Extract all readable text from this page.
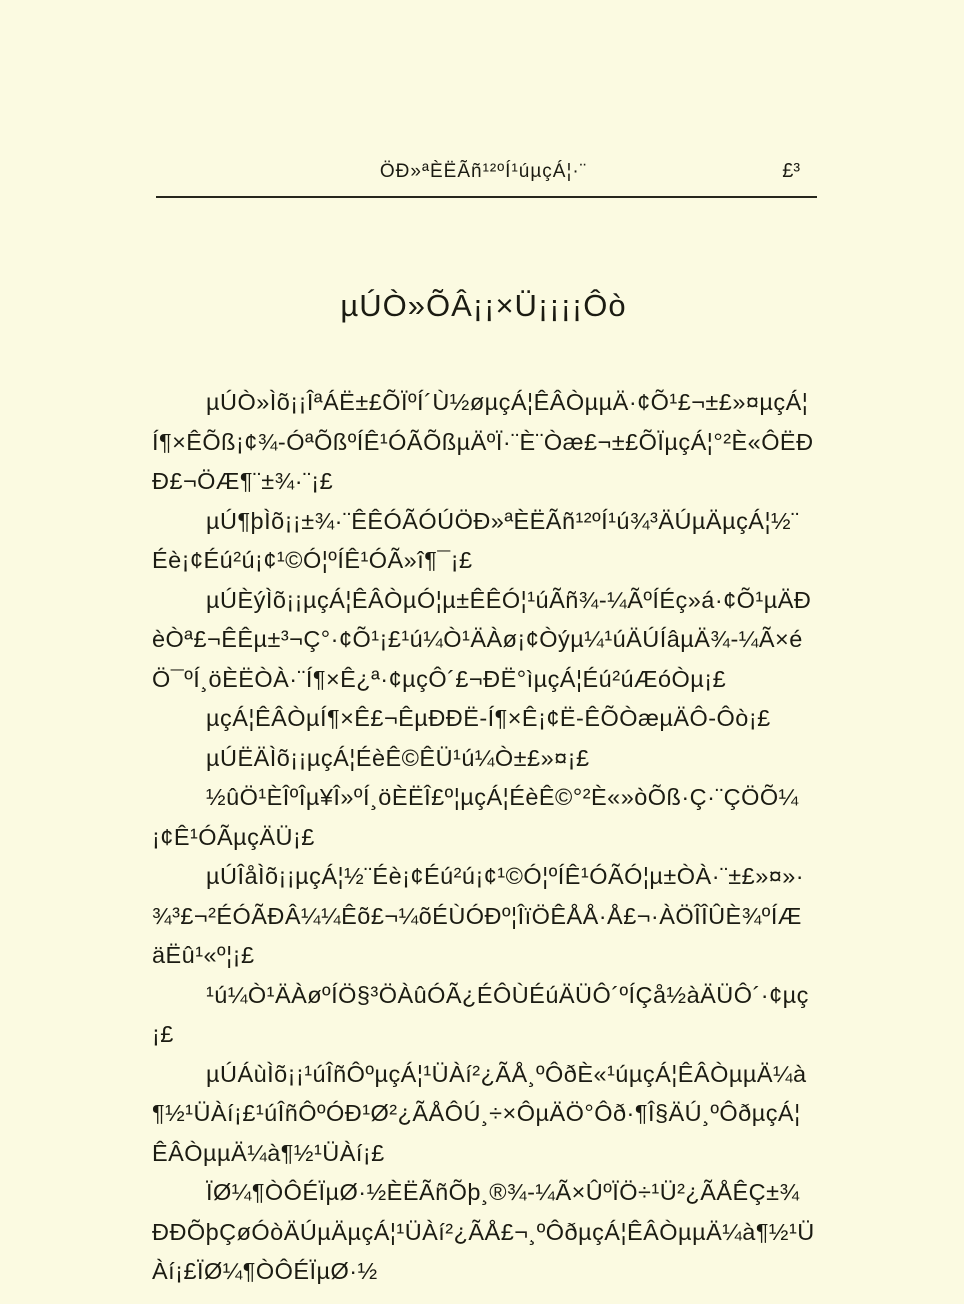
ÖÐ»ªÈËÃñ¹²ºÍ¹úµçÁ¦·¨	£³
µÚÒ»ÕÂ¡¡×Ü¡¡¡¡Ôò

µÚÒ»Ìõ¡¡ÎªÁË±£ÕÏºÍ´Ù½øµçÁ¦ÊÂÒµµÄ·¢Õ¹£¬±£»¤µçÁ¦Í¶×ÊÕß¡¢¾-ÓªÕßºÍÊ¹ÓÃÕßµÄºÏ·¨È¨Òæ£¬±£ÕÏµçÁ¦°²È«ÔËÐÐ£¬ÖÆ¶¨±¾·¨¡£

µÚ¶þÌõ¡¡±¾·¨ÊÊÓÃÓÚÖÐ»ªÈËÃñ¹²ºÍ¹ú¾³ÄÚµÄµçÁ¦½¨Éè¡¢Éú²ú¡¢¹©Ó¦ºÍÊ¹ÓÃ»î¶¯¡£

µÚÈýÌõ¡¡µçÁ¦ÊÂÒµÓ¦µ±ÊÊÓ¦¹úÃñ¾-¼ÃºÍÉç»á·¢Õ¹µÄÐèÒª£¬ÊÊµ±³¬Ç°·¢Õ¹¡£¹ú¼Ò¹ÄÀø¡¢Òýµ¼¹úÄÚÍâµÄ¾-¼Ã×éÖ¯ºÍ¸öÈËÒÀ·¨Í¶×Ê¿ª·¢µçÔ´£¬ÐË°ìµçÁ¦Éú²úÆóÒµ¡£

µçÁ¦ÊÂÒµÍ¶×Ê£¬ÊµÐÐË-Í¶×Ê¡¢Ë-ÊÕÒæµÄÔ-Ôò¡£

µÚËÄÌõ¡¡µçÁ¦ÉèÊ©ÊÜ¹ú¼Ò±£»¤¡£

½ûÖ¹ÈÎºÎµ¥Î»ºÍ¸öÈËÎ£º¦µçÁ¦ÉèÊ©°²È«»òÕß·Ç·¨ÇÖÕ¼¡¢Ê¹ÓÃµçÄÜ¡£

µÚÎåÌõ¡¡µçÁ¦½¨Éè¡¢Éú²ú¡¢¹©Ó¦ºÍÊ¹ÓÃÓ¦µ±ÒÀ·¨±£»¤»·¾³£¬²ÉÓÃÐÂ¼¼Êõ£¬¼õÉÙÓÐº¦ÎïÖÊÅÅ·Å£¬·ÀÖÎÎÛÈ¾ºÍÆäËû¹«º¦¡£

¹ú¼Ò¹ÄÀøºÍÖ§³ÖÀûÓÃ¿ÉÔÙÉúÄÜÔ´ºÍÇå½àÄÜÔ´·¢µç¡£

µÚÁùÌõ¡¡¹úÎñÔºµçÁ¦¹ÜÀí²¿ÃÅ¸ºÔðÈ«¹úµçÁ¦ÊÂÒµµÄ¼à¶½¹ÜÀí¡£¹úÎñÔºÓÐ¹Ø²¿ÃÅÔÚ¸÷×ÔµÄÖ°Ôð·¶Î§ÄÚ¸ºÔðµçÁ¦ÊÂÒµµÄ¼à¶½¹ÜÀí¡£

ÏØ¼¶ÒÔÉÏµØ·½ÈËÃñÕþ¸®¾-¼Ã×ÛºÏÖ÷¹Ü²¿ÃÅÊÇ±¾ÐÐÕþÇøÓòÄÚµÄµçÁ¦¹ÜÀí²¿ÃÅ£¬¸ºÔðµçÁ¦ÊÂÒµµÄ¼à¶½¹ÜÀí¡£ÏØ¼¶ÒÔÉÏµØ·½
